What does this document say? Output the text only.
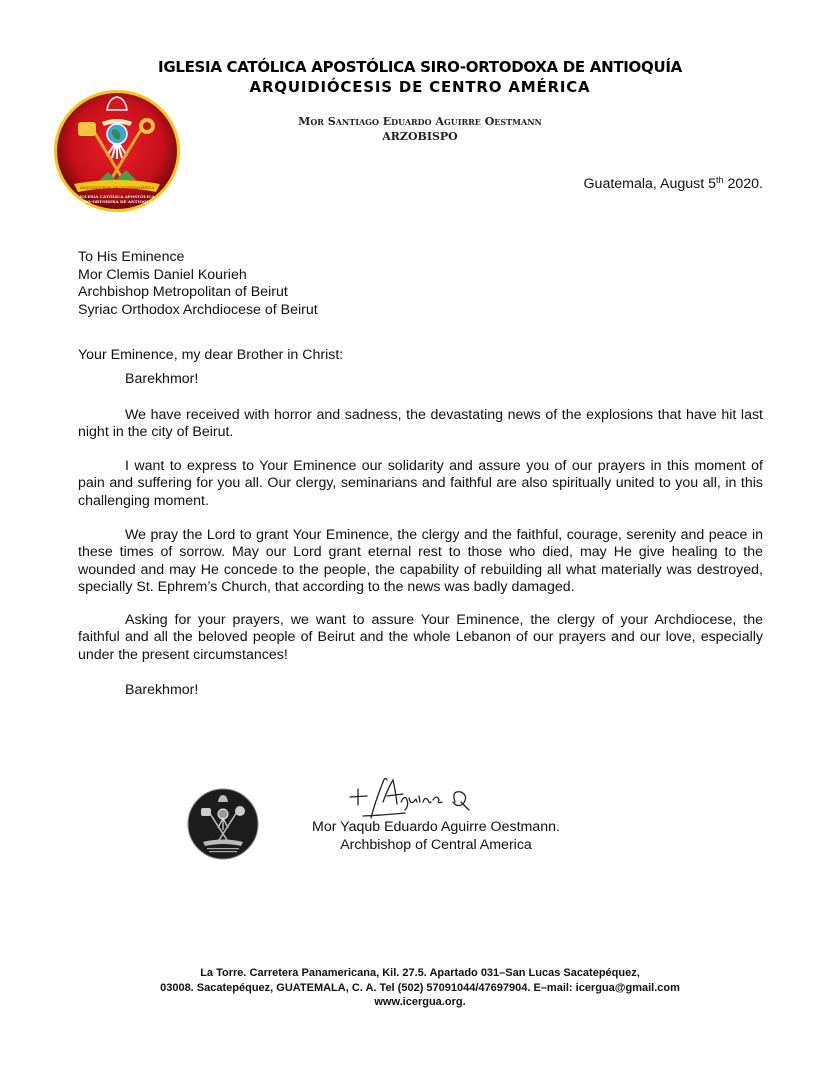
ARQUIDIÓCESIS DE CENTROAMÉRICA
IGLESIA CATÓLICA APOSTÓLICA
SIRO-ORTODOXA DE ANTIOQUÍA
IGLESIA CATÓLICA APOSTÓLICA SIRO-ORTODOXA DE ANTIOQUÍA
ARQUIDIÓCESIS DE CENTRO AMÉRICA
Mor Santiago Eduardo Aguirre Oestmann
ARZOBISPO
Guatemala, August 5th 2020.
To His Eminence
Mor Clemis Daniel Kourieh
Archbishop Metropolitan of Beirut
Syriac Orthodox Archdiocese of Beirut
Your Eminence, my dear Brother in Christ:
Barekhmor!

We have received with horror and sadness, the devastating news of the explosions that have hit last night in the city of Beirut.

I want to express to Your Eminence our solidarity and assure you of our prayers in this moment of pain and suffering for you all. Our clergy, seminarians and faithful are also spiritually united to you all, in this challenging moment.

We pray the Lord to grant Your Eminence, the clergy and the faithful, courage, serenity and peace in these times of sorrow. May our Lord grant eternal rest to those who died, may He give healing to the wounded and may He concede to the people, the capability of rebuilding all what materially was destroyed, specially St. Ephrem’s Church, that according to the news was badly damaged.

Asking for your prayers, we want to assure Your Eminence, the clergy of your Archdiocese, the faithful and all the beloved people of Beirut and the whole Lebanon of our prayers and our love, especially under the present circumstances!

Barekhmor!
Mor Yaqub Eduardo Aguirre Oestmann.
Archbishop of Central America
La Torre. Carretera Panamericana, Kil. 27.5. Apartado 031–San Lucas Sacatepéquez,
03008. Sacatepéquez, GUATEMALA, C. A. Tel (502) 57091044/47697904. E–mail: icergua@gmail.com
www.icergua.org.
